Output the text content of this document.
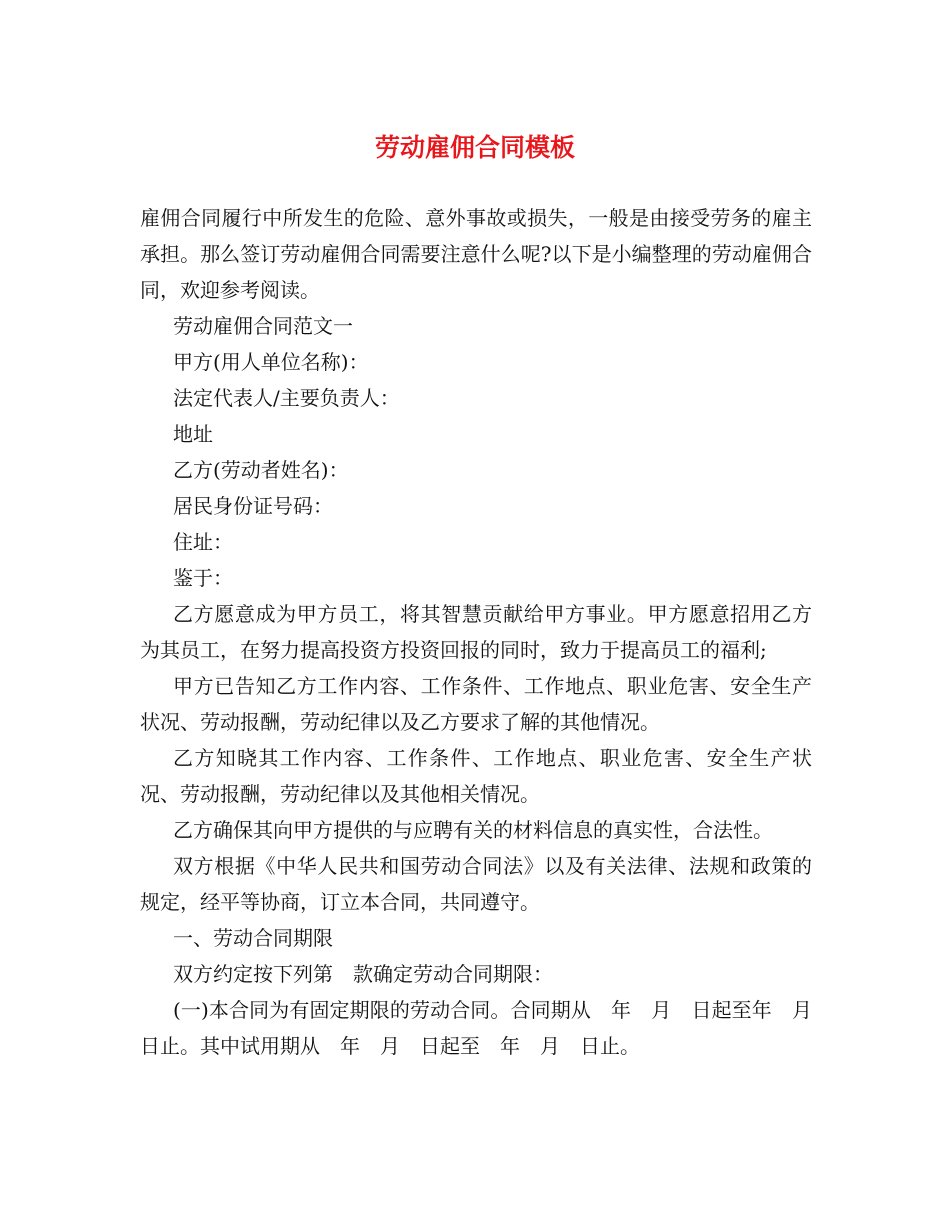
劳动雇佣合同模板

雇佣合同履行中所发生的危险、意外事故或损失，一般是由接受劳务的雇主承担。那么签订劳动雇佣合同需要注意什么呢?以下是小编整理的劳动雇佣合同，欢迎参考阅读。

劳动雇佣合同范文一

甲方(用人单位名称)：

法定代表人/主要负责人：

地址

乙方(劳动者姓名)：

居民身份证号码：

住址：

鉴于：

乙方愿意成为甲方员工，将其智慧贡献给甲方事业。甲方愿意招用乙方为其员工，在努力提高投资方投资回报的同时，致力于提高员工的福利;

甲方已告知乙方工作内容、工作条件、工作地点、职业危害、安全生产状况、劳动报酬，劳动纪律以及乙方要求了解的其他情况。

乙方知晓其工作内容、工作条件、工作地点、职业危害、安全生产状况、劳动报酬，劳动纪律以及其他相关情况。

乙方确保其向甲方提供的与应聘有关的材料信息的真实性，合法性。

双方根据《中华人民共和国劳动合同法》以及有关法律、法规和政策的规定，经平等协商，订立本合同，共同遵守。

一、劳动合同期限

双方约定按下列第　款确定劳动合同期限：

(一)本合同为有固定期限的劳动合同。合同期从　年　月　日起至年　月　日止。其中试用期从　年　月　日起至　年　月　日止。
